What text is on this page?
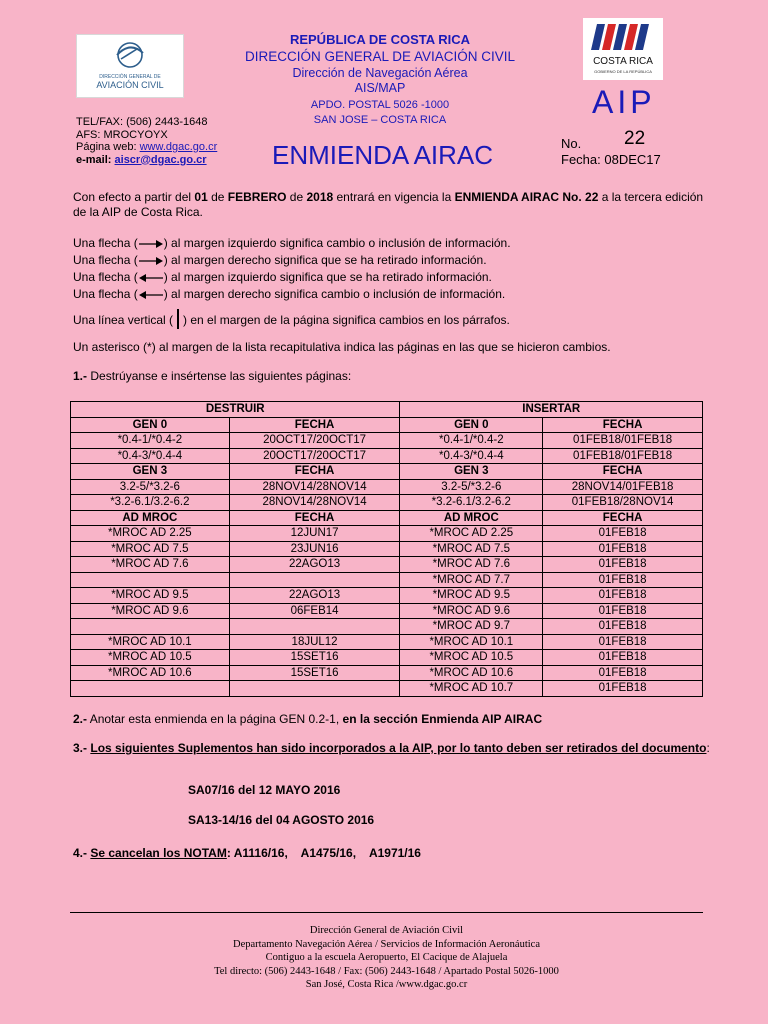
DIRECCIÓN GENERAL DE
AVIACIÓN CIVIL
COSTA RICA
GOBIERNO DE LA REPÚBLICA
REPÚBLICA DE COSTA RICA
DIRECCIÓN GENERAL DE AVIACIÓN CIVIL
Dirección de Navegación Aérea
AIS/MAP
APDO. POSTAL 5026 -1000
SAN JOSE – COSTA RICA
TEL/FAX: (506) 2443-1648
AFS: MROCYOYX
Página web: www.dgac.go.cr
e-mail: aiscr@dgac.go.cr
AIP
No. 22
Fecha: 08DEC17
ENMIENDA AIRAC
Con efecto a partir del 01 de FEBRERO de 2018 entrará en vigencia la ENMIENDA AIRAC No. 22 a la tercera edición de la AIP de Costa Rica.
Una flecha ( ) al margen izquierdo significa cambio o inclusión de información.
Una flecha ( ) al margen derecho significa que se ha retirado información.
Una flecha ( ) al margen izquierdo significa que se ha retirado información.
Una flecha ( ) al margen derecho significa cambio o inclusión de información.
Una línea vertical ( ) en el margen de la página significa cambios en los párrafos.
Un asterisco (*) al margen de la lista recapitulativa indica las páginas en las que se hicieron cambios.
1.- Destrúyanse e insértense las siguientes páginas:
DESTRUIR		INSERTAR	
GEN 0	FECHA	GEN 0	FECHA
*0.4-1/*0.4-2	20OCT17/20OCT17	*0.4-1/*0.4-2	01FEB18/01FEB18
*0.4-3/*0.4-4	20OCT17/20OCT17	*0.4-3/*0.4-4	01FEB18/01FEB18
GEN 3	FECHA	GEN 3	FECHA
3.2-5/*3.2-6	28NOV14/28NOV14	3.2-5/*3.2-6	28NOV14/01FEB18
*3.2-6.1/3.2-6.2	28NOV14/28NOV14	*3.2-6.1/3.2-6.2	01FEB18/28NOV14
AD MROC	FECHA	AD MROC	FECHA
*MROC AD 2.25	12JUN17	*MROC AD 2.25	01FEB18
*MROC AD 7.5	23JUN16	*MROC AD 7.5	01FEB18
*MROC AD 7.6	22AGO13	*MROC AD 7.6	01FEB18
		*MROC AD 7.7	01FEB18
*MROC AD 9.5	22AGO13	*MROC AD 9.5	01FEB18
*MROC AD 9.6	06FEB14	*MROC AD 9.6	01FEB18
		*MROC AD 9.7	01FEB18
*MROC AD 10.1	18JUL12	*MROC AD 10.1	01FEB18
*MROC AD 10.5	15SET16	*MROC AD 10.5	01FEB18
*MROC AD 10.6	15SET16	*MROC AD 10.6	01FEB18
		*MROC AD 10.7	01FEB18
2.- Anotar esta enmienda en la página GEN 0.2-1, en la sección Enmienda AIP AIRAC
3.- Los siguientes Suplementos han sido incorporados a la AIP, por lo tanto deben ser retirados del documento:
SA07/16 del 12 MAYO 2016
SA13-14/16 del 04 AGOSTO 2016
4.- Se cancelan los NOTAM: A1116/16,    A1475/16,    A1971/16
Dirección General de Aviación Civil
Departamento Navegación Aérea / Servicios de Información Aeronáutica
Contiguo a la escuela Aeropuerto, El Cacique de Alajuela
Tel directo: (506) 2443-1648 / Fax: (506) 2443-1648 / Apartado Postal 5026-1000
San José, Costa Rica /www.dgac.go.cr
